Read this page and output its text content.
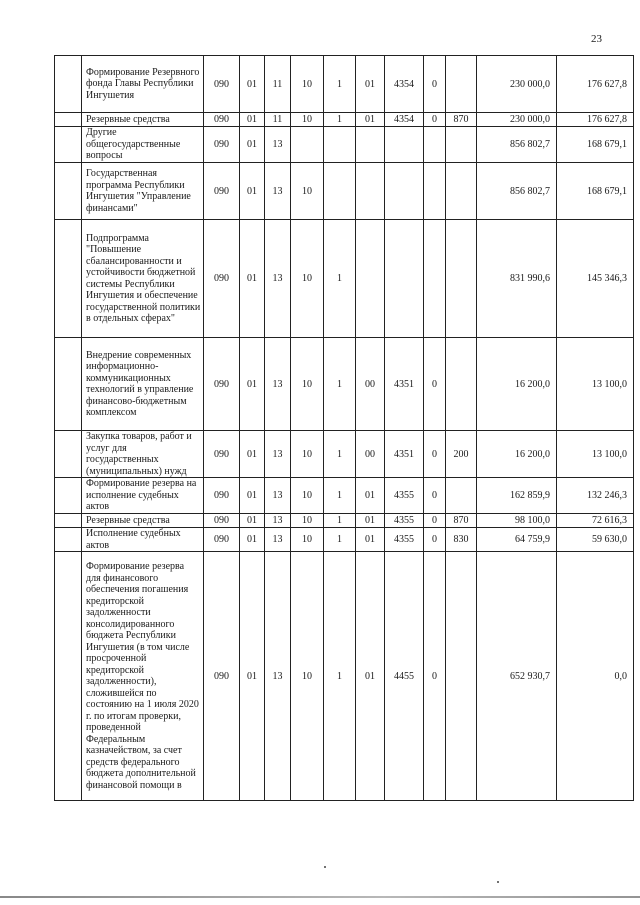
23
	Формирование Резервного фонда Главы Республики Ингушетия	090	01	11	10	1	01	4354	0		230 000,0	176 627,8
	Резервные средства	090	01	11	10	1	01	4354	0	870	230 000,0	176 627,8
	Другие общегосударственные вопросы	090	01	13							856 802,7	168 679,1
	Государственная программа Республики Ингушетия "Управление финансами"	090	01	13	10						856 802,7	168 679,1
	Подпрограмма "Повышение сбалансированности и устойчивости бюджетной системы Республики Ингушетия и обеспечение государственной политики в отдельных сферах"	090	01	13	10	1					831 990,6	145 346,3
	Внедрение современных информационно-коммуникационных технологий в управление финансово-бюджетным комплексом	090	01	13	10	1	00	4351	0		16 200,0	13 100,0
	Закупка товаров, работ и услуг для государственных (муниципальных) нужд	090	01	13	10	1	00	4351	0	200	16 200,0	13 100,0
	Формирование резерва на исполнение судебных актов	090	01	13	10	1	01	4355	0		162 859,9	132 246,3
	Резервные средства	090	01	13	10	1	01	4355	0	870	98 100,0	72 616,3
	Исполнение судебных актов	090	01	13	10	1	01	4355	0	830	64 759,9	59 630,0
	Формирование резерва для финансового обеспечения погашения кредиторской задолженности консолидированного бюджета Республики Ингушетия (в том числе просроченной кредиторской задолженности), сложившейся по состоянию на 1 июля 2020 г. по итогам проверки, проведенной Федеральным казначейством, за счет средств федерального бюджета дополнительной финансовой помощи в	090	01	13	10	1	01	4455	0		652 930,7	0,0
